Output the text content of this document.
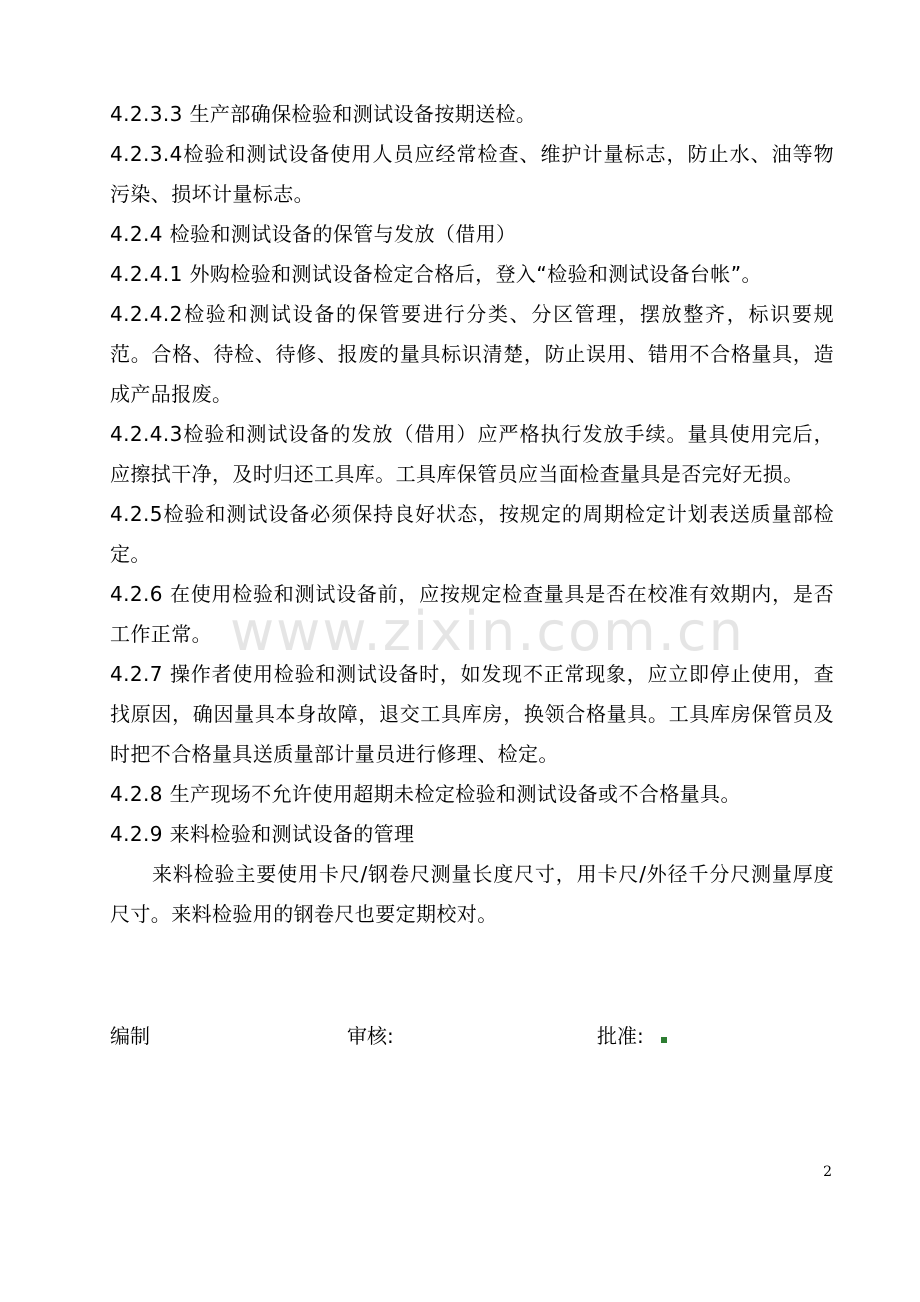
4.2.3.3 生产部确保检验和测试设备按期送检。

4.2.3.4检验和测试设备使用人员应经常检查、维护计量标志，防止水、油等物污染、损坏计量标志。

4.2.4 检验和测试设备的保管与发放（借用）

4.2.4.1 外购检验和测试设备检定合格后，登入“检验和测试设备台帐”。

4.2.4.2检验和测试设备的保管要进行分类、分区管理，摆放整齐，标识要规范。合格、待检、待修、报废的量具标识清楚，防止误用、错用不合格量具，造成产品报废。

4.2.4.3检验和测试设备的发放（借用）应严格执行发放手续。量具使用完后，应擦拭干净，及时归还工具库。工具库保管员应当面检查量具是否完好无损。

4.2.5检验和测试设备必须保持良好状态，按规定的周期检定计划表送质量部检定。

4.2.6 在使用检验和测试设备前，应按规定检查量具是否在校准有效期内，是否工作正常。

4.2.7 操作者使用检验和测试设备时，如发现不正常现象，应立即停止使用，查找原因，确因量具本身故障，退交工具库房，换领合格量具。工具库房保管员及时把不合格量具送质量部计量员进行修理、检定。

4.2.8 生产现场不允许使用超期未检定检验和测试设备或不合格量具。

4.2.9 来料检验和测试设备的管理

来料检验主要使用卡尺/钢卷尺测量长度尺寸，用卡尺/外径千分尺测量厚度尺寸。来料检验用的钢卷尺也要定期校对。

www.zixin.com.cn
编制	审核:	批准:
2
